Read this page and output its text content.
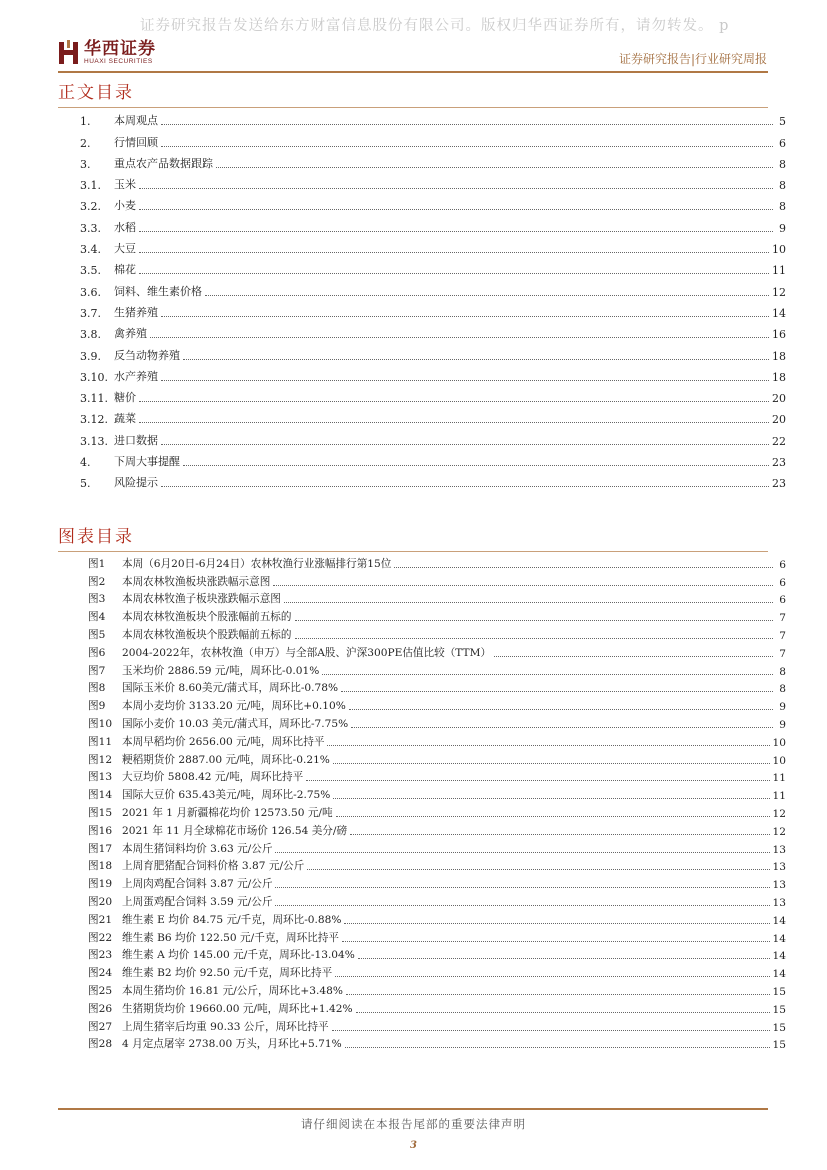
证券研究报告发送给东方财富信息股份有限公司。版权归华西证券所有，请勿转发。 p
华西证券
HUAXI SECURITIES	证券研究报告|行业研究周报
正文目录
1.	本周观点	5
2.	行情回顾	6
3.	重点农产品数据跟踪	8
3.1.	玉米	8
3.2.	小麦	8
3.3.	水稻	9
3.4.	大豆	10
3.5.	棉花	11
3.6.	饲料、维生素价格	12
3.7.	生猪养殖	14
3.8.	禽养殖	16
3.9.	反刍动物养殖	18
3.10. 水产养殖	18
3.11. 糖价	20
3.12. 蔬菜	20
3.13. 进口数据	22
4.	下周大事提醒	23
5.	风险提示	23
图表目录
图1	本周（6月20日-6月24日）农林牧渔行业涨幅排行第15位	6
图2	本周农林牧渔板块涨跌幅示意图	6
图3	本周农林牧渔子板块涨跌幅示意图	6
图4	本周农林牧渔板块个股涨幅前五标的	7
图5	本周农林牧渔板块个股跌幅前五标的	7
图6	2004-2022年，农林牧渔（申万）与全部A股、沪深300PE估值比较（TTM）	7
图7	玉米均价 2886.59 元/吨，周环比-0.01%	8
图8	国际玉米价 8.60美元/蒲式耳，周环比-0.78%	8
图9	本周小麦均价 3133.20 元/吨，周环比+0.10%	9
图10 国际小麦价 10.03 美元/蒲式耳，周环比-7.75%	9
图11 本周早稻均价 2656.00 元/吨，周环比持平	10
图12 粳稻期货价 2887.00 元/吨，周环比-0.21%	10
图13 大豆均价 5808.42 元/吨，周环比持平	11
图14 国际大豆价 635.43美元/吨，周环比-2.75%	11
图15 2021 年 1 月新疆棉花均价 12573.50 元/吨	12
图16 2021 年 11 月全球棉花市场价 126.54 美分/磅	12
图17 本周生猪饲料均价 3.63 元/公斤	13
图18 上周育肥猪配合饲料价格 3.87 元/公斤	13
图19 上周肉鸡配合饲料 3.87 元/公斤	13
图20 上周蛋鸡配合饲料 3.59 元/公斤	13
图21 维生素 E 均价 84.75 元/千克，周环比-0.88%	14
图22 维生素 B6 均价 122.50 元/千克，周环比持平	14
图23 维生素 A 均价 145.00 元/千克，周环比-13.04%	14
图24 维生素 B2 均价 92.50 元/千克，周环比持平	14
图25 本周生猪均价 16.81 元/公斤，周环比+3.48%	15
图26 生猪期货均价 19660.00 元/吨，周环比+1.42%	15
图27 上周生猪宰后均重 90.33 公斤，周环比持平	15
图28 4 月定点屠宰 2738.00 万头，月环比+5.71%	15
请仔细阅读在本报告尾部的重要法律声明
3
